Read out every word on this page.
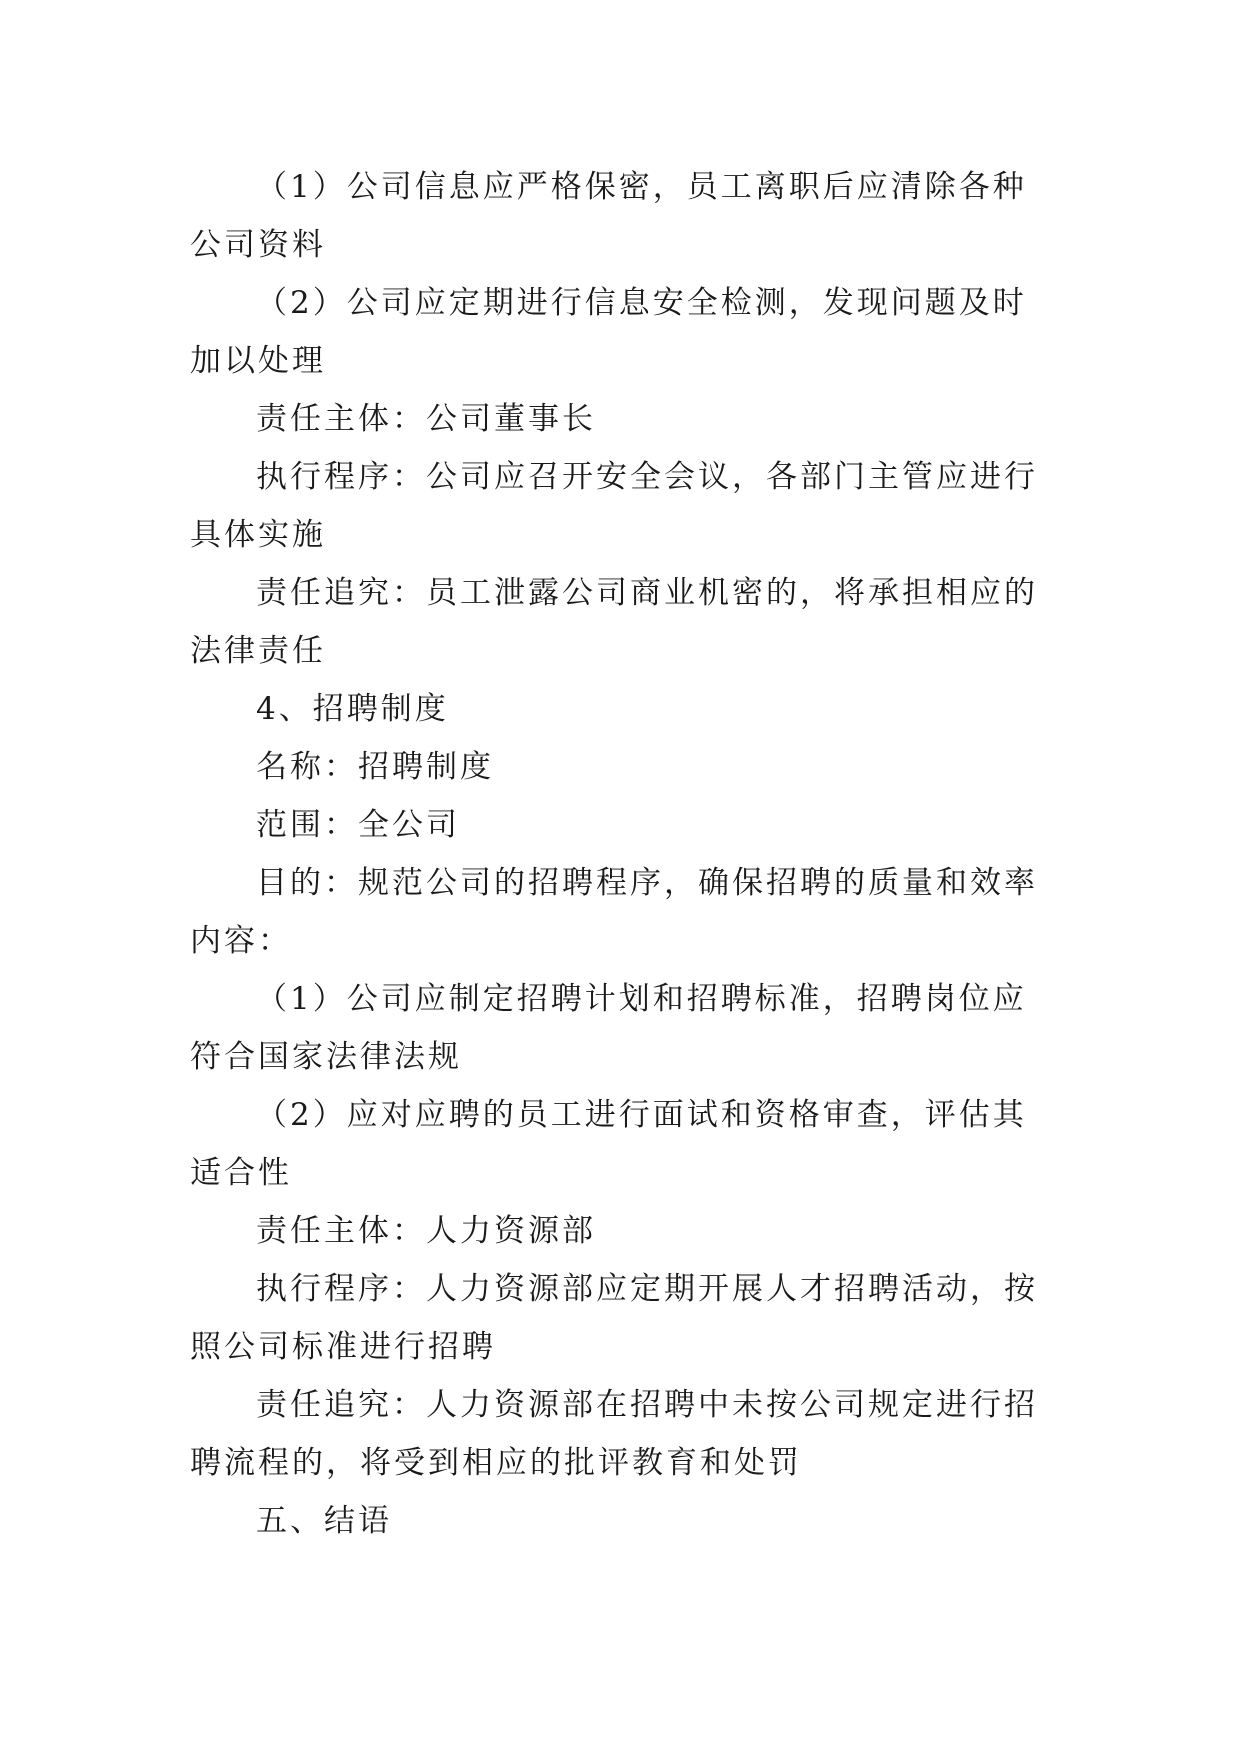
（1）公司信息应严格保密，员工离职后应清除各种公司资料

（2）公司应定期进行信息安全检测，发现问题及时加以处理

责任主体：公司董事长

执行程序：公司应召开安全会议，各部门主管应进行具体实施

责任追究：员工泄露公司商业机密的，将承担相应的法律责任

4、招聘制度

名称：招聘制度

范围：全公司

目的：规范公司的招聘程序，确保招聘的质量和效率内容：

（1）公司应制定招聘计划和招聘标准，招聘岗位应符合国家法律法规

（2）应对应聘的员工进行面试和资格审查，评估其适合性

责任主体：人力资源部

执行程序：人力资源部应定期开展人才招聘活动，按照公司标准进行招聘

责任追究：人力资源部在招聘中未按公司规定进行招聘流程的，将受到相应的批评教育和处罚

五、结语
